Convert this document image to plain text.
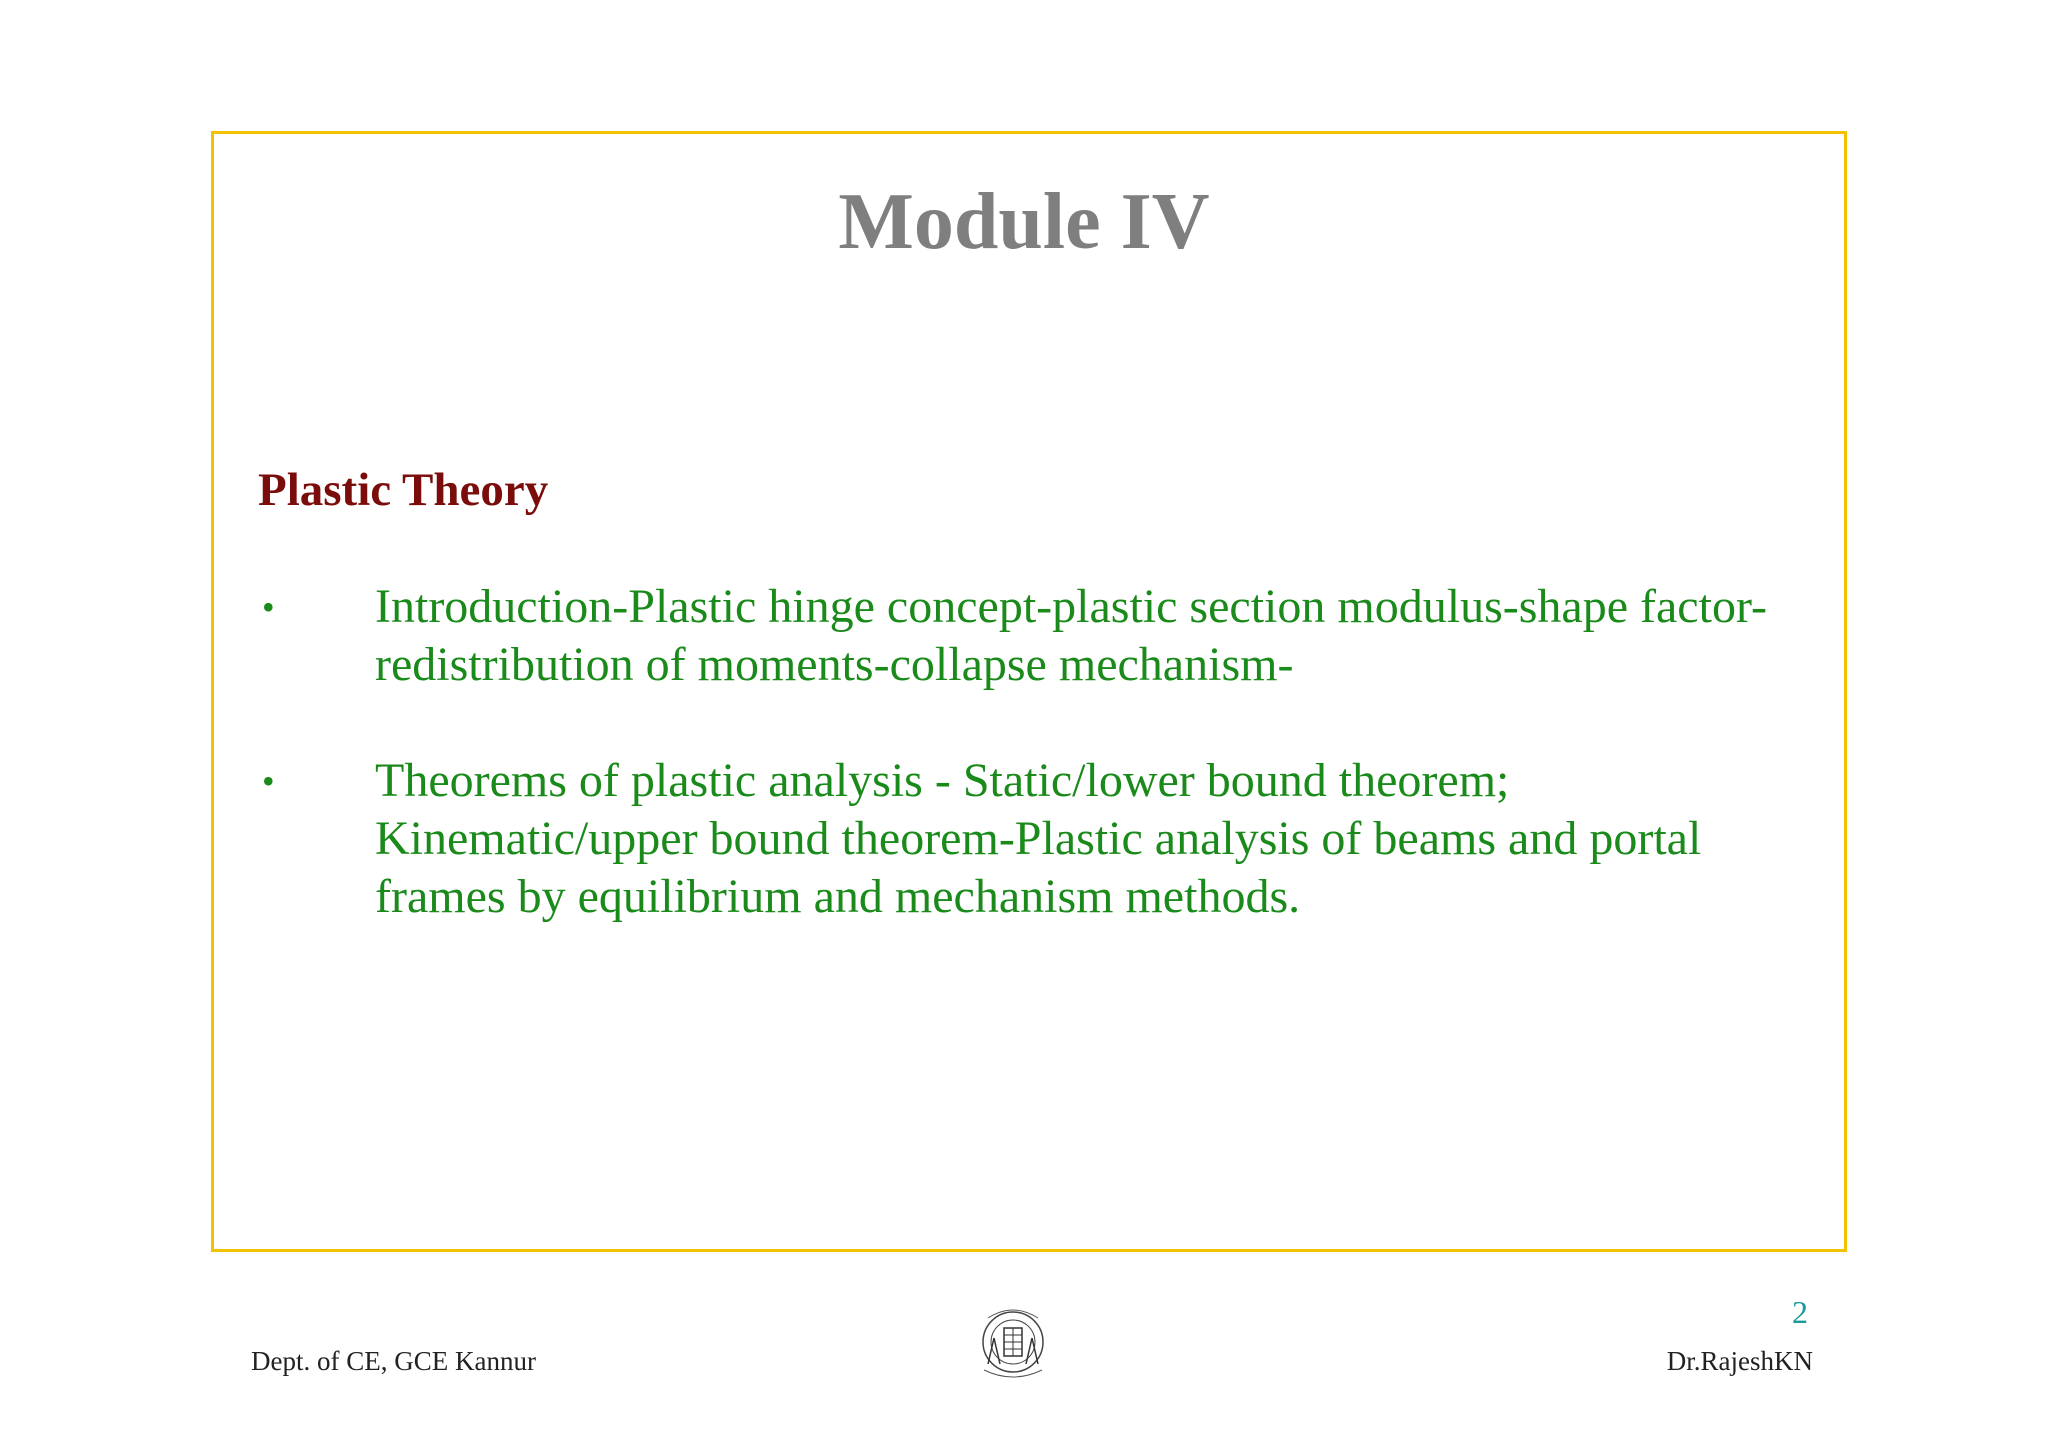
Module IV
Plastic Theory
• Introduction-Plastic hinge concept-plastic section modulus-shape factor-redistribution of moments-collapse mechanism-
• Theorems of plastic analysis - Static/lower bound theorem; Kinematic/upper bound theorem-Plastic analysis of beams and portal frames by equilibrium and mechanism methods.
2
Dept. of CE, GCE Kannur	Dr.RajeshKN
